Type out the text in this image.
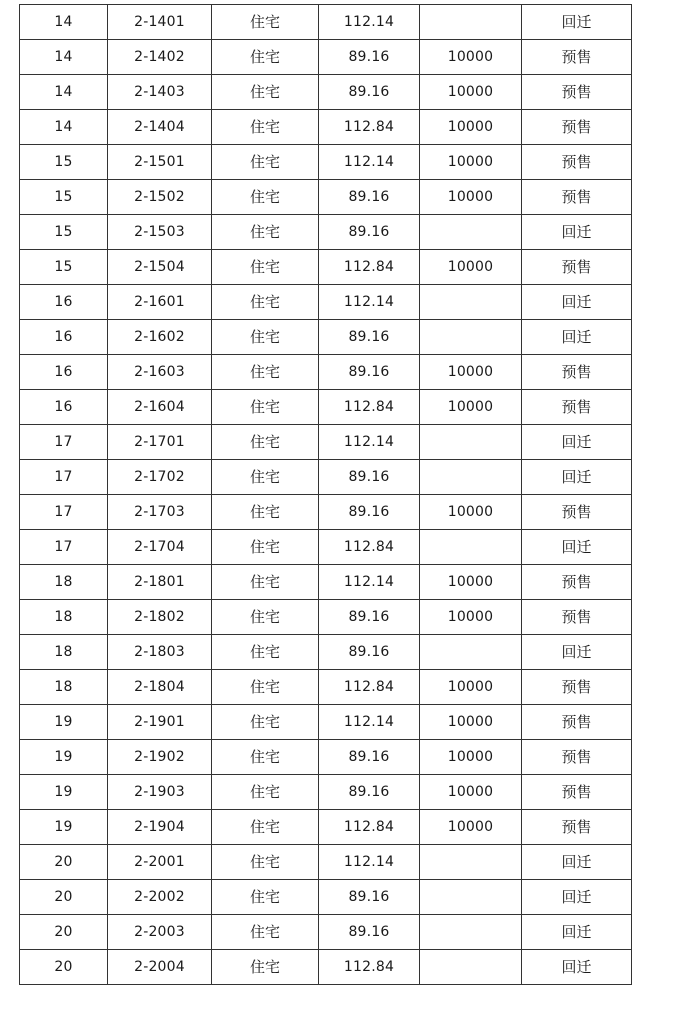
14	2-1401	住宅	112.14		回迁
14	2-1402	住宅	89.16	10000	预售
14	2-1403	住宅	89.16	10000	预售
14	2-1404	住宅	112.84	10000	预售
15	2-1501	住宅	112.14	10000	预售
15	2-1502	住宅	89.16	10000	预售
15	2-1503	住宅	89.16		回迁
15	2-1504	住宅	112.84	10000	预售
16	2-1601	住宅	112.14		回迁
16	2-1602	住宅	89.16		回迁
16	2-1603	住宅	89.16	10000	预售
16	2-1604	住宅	112.84	10000	预售
17	2-1701	住宅	112.14		回迁
17	2-1702	住宅	89.16		回迁
17	2-1703	住宅	89.16	10000	预售
17	2-1704	住宅	112.84		回迁
18	2-1801	住宅	112.14	10000	预售
18	2-1802	住宅	89.16	10000	预售
18	2-1803	住宅	89.16		回迁
18	2-1804	住宅	112.84	10000	预售
19	2-1901	住宅	112.14	10000	预售
19	2-1902	住宅	89.16	10000	预售
19	2-1903	住宅	89.16	10000	预售
19	2-1904	住宅	112.84	10000	预售
20	2-2001	住宅	112.14		回迁
20	2-2002	住宅	89.16		回迁
20	2-2003	住宅	89.16		回迁
20	2-2004	住宅	112.84		回迁
